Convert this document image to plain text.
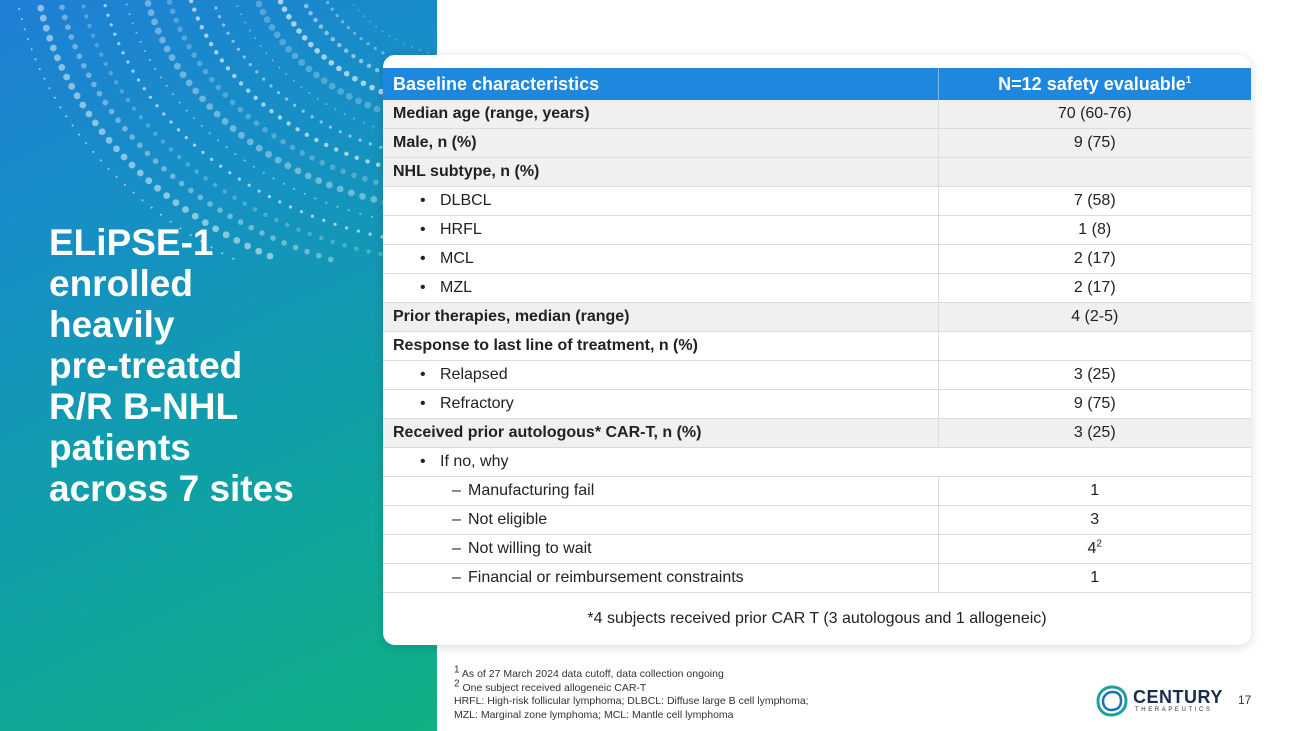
ELiPSE-1
enrolled
heavily
pre-treated
R/R B-NHL
patients
across 7 sites
Baseline characteristics	N=12 safety evaluable$^1$
Median age (range, years)	70 (60-76)
Male, n (%)	9 (75)
NHL subtype, n (%)	
• DLBCL	7 (58)
• HRFL	1 (8)
• MCL	2 (17)
• MZL	2 (17)
Prior therapies, median (range)	4 (2-5)
Response to last line of treatment, n (%)	
• Relapsed	3 (25)
• Refractory	9 (75)
Received prior autologous* CAR-T, n (%)	3 (25)
• If no, why	
– Manufacturing fail	1
– Not eligible	3
– Not willing to wait	$4^2$
– Financial or reimbursement constraints	1
*4 subjects received prior CAR T (3 autologous and 1 allogeneic)
$^1$ As of 27 March 2024 data cutoff, data collection ongoing
$^2$ One subject received allogeneic CAR-T
HRFL: High-risk follicular lymphoma; DLBCL: Diffuse large B cell lymphoma;
MZL: Marginal zone lymphoma; MCL: Mantle cell lymphoma
CENTURY
THERAPEUTICS
17
